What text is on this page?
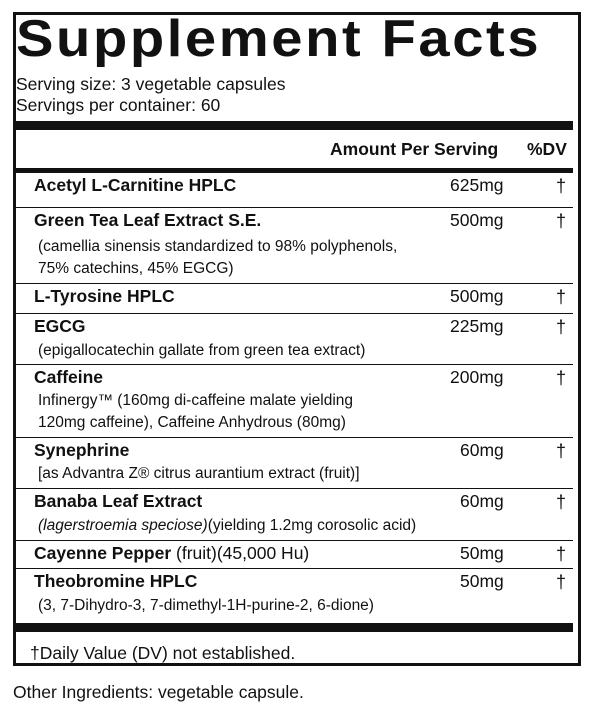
Supplement Facts
Serving size: 3 vegetable capsules
Servings per container: 60
Amount Per Serving %DV
Acetyl L-Carnitine HPLC	625mg	†
Green Tea Leaf Extract S.E.	500mg	†
(camellia sinensis standardized to 98% polyphenols,
75% catechins, 45% EGCG)
L-Tyrosine HPLC	500mg	†
EGCG	225mg	†
(epigallocatechin gallate from green tea extract)
Caffeine	200mg	†
Infinergy™ (160mg di-caffeine malate yielding
120mg caffeine), Caffeine Anhydrous (80mg)
Synephrine	60mg	†
[as Advantra Z® citrus aurantium extract (fruit)]
Banaba Leaf Extract	60mg	†
(lagerstroemia speciose)(yielding 1.2mg corosolic acid)
Cayenne Pepper (fruit)(45,000 Hu)	50mg	†
Theobromine HPLC	50mg	†
(3, 7-Dihydro-3, 7-dimethyl-1H-purine-2, 6-dione)
†Daily Value (DV) not established.
Other Ingredients: vegetable capsule.
